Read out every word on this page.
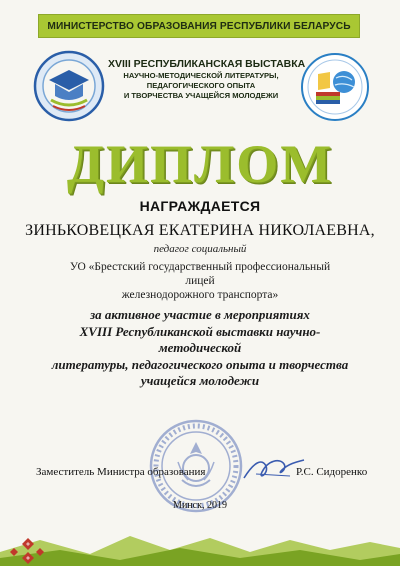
МИНИСТЕРСТВО ОБРАЗОВАНИЯ РЕСПУБЛИКИ БЕЛАРУСЬ
XVIII РЕСПУБЛИКАНСКАЯ ВЫСТАВКА
НАУЧНО-МЕТОДИЧЕСКОЙ ЛИТЕРАТУРЫ,
ПЕДАГОГИЧЕСКОГО ОПЫТА
И ТВОРЧЕСТВА УЧАЩЕЙСЯ МОЛОДЕЖИ
ДИПЛОМ
НАГРАЖДАЕТСЯ
ЗИНЬКОВЕЦКАЯ ЕКАТЕРИНА НИКОЛАЕВНА,
педагог социальный
УО «Брестский государственный профессиональный лицей
железнодорожного транспорта»
за активное участие в мероприятиях
XVIII Республиканской выставки научно-методической
литературы, педагогического опыта и творчества
учащейся молодежи
Заместитель Министра образования	Р.С. Сидоренко
Минск, 2019
